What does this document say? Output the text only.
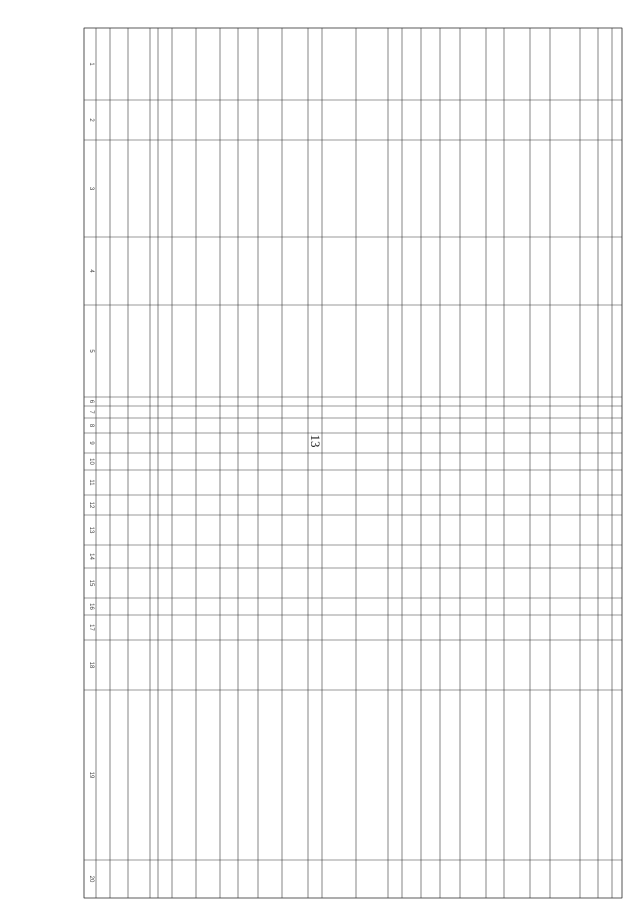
13
1
2
3
4
5
6
7
8
9
10
11
12
13
14
15
16
17
18
19
20
